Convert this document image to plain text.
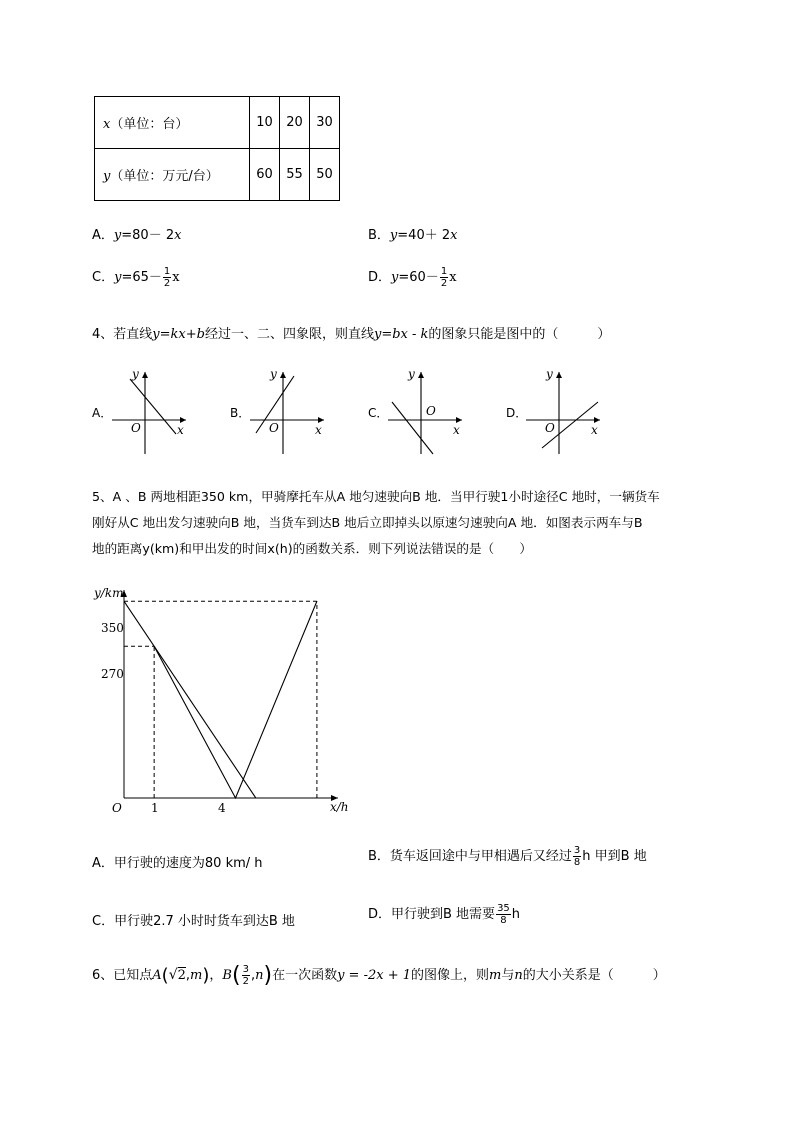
x（单位：台）	10	20	30
y（单位：万元/台）	60	55	50
A．y=80－ 2x	B．y=40＋ 2x
C．$y=65- \frac{1}{2}$ x	D．$y=60- \frac{1}{2}$ x
4、若直线y=kx+b经过一、二、四象限，则直线y=bx - k的图象只能是图中的（　　　）
A．
y
x
O
B．
y
x
O
C．
y
x
O	D．
y
x
O
5、A 、B 两地相距350 km，甲骑摩托车从A 地匀速驶向B 地．当甲行驶1小时途径C 地时，一辆货车
刚好从C 地出发匀速驶向B 地，当货车到达B 地后立即掉头以原速匀速驶向A 地．如图表示两车与B
地的距离y(km)和甲出发的时间x(h)的函数关系．则下列说法错误的是（　　）
y/km
x/h
O
350
270
1	4
A．甲行驶的速度为80 km/ h	B．货车返回途中与甲相遇后又经过 $\frac{3}{8}$ h 甲到B 地
C．甲行驶2.7 小时时货车到达B 地	D．甲行驶到B 地需要 $\frac{35}{8}$ h
6、已知点A(√2,m)，$B( \frac{3}{2} ,n)$在一次函数y = -2x + 1的图像上，则m与n的大小关系是（　　　）
